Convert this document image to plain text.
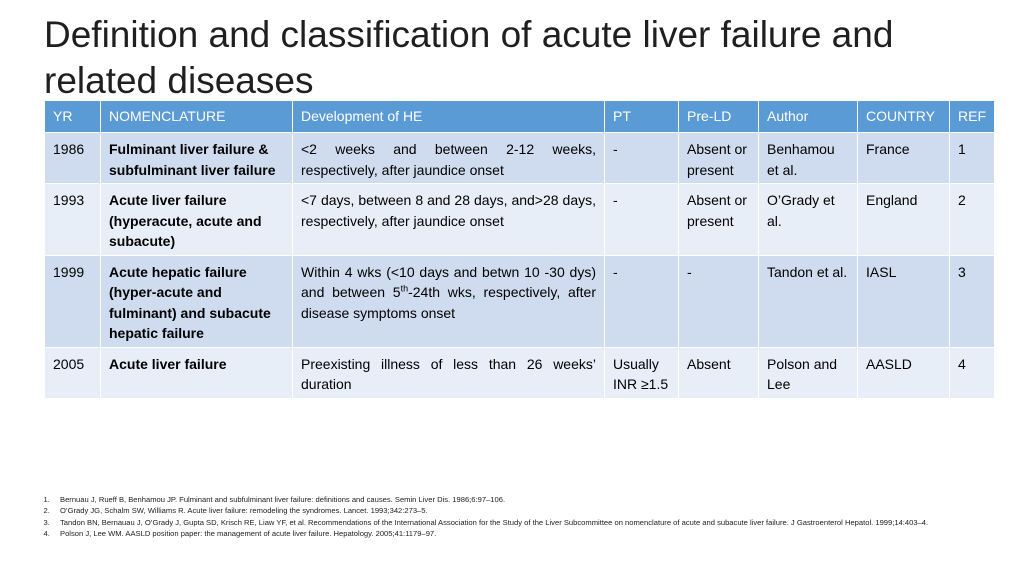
Definition and classification of acute liver failure and related diseases
YR	NOMENCLATURE	Development of HE	PT	Pre-LD	Author	COUNTRY	REF
1986	Fulminant liver failure & subfulminant liver failure	<2 weeks and between 2-12 weeks, respectively, after jaundice onset	-	Absent or present	Benhamou et al.	France	1
1993	Acute liver failure (hyperacute, acute and subacute)	<7 days, between 8 and 28 days, and>28 days, respectively, after jaundice onset	-	Absent or present	O’Grady et al.	England	2
1999	Acute hepatic failure (hyper-acute and fulminant) and subacute hepatic failure	Within 4 wks (<10 days and betwn 10 -30 dys) and between 5th-24th wks, respectively, after disease symptoms onset	-	-	Tandon et al.	IASL	3
2005	Acute liver failure	Preexisting illness of less than 26 weeks’ duration	Usually INR ≥1.5	Absent	Polson and Lee	AASLD	4
1. Bernuau J, Rueff B, Benhamou JP. Fulminant and subfulminant liver failure: definitions and causes. Semin Liver Dis. 1986;6:97–106.
2. O’Grady JG, Schalm SW, Williams R. Acute liver failure: remodeling the syndromes. Lancet. 1993;342:273–5.
3. Tandon BN, Bernauau J, O’Grady J, Gupta SD, Krisch RE, Liaw YF, et al. Recommendations of the International Association for the Study of the Liver Subcommittee on nomenclature of acute and subacute liver failure. J Gastroenterol Hepatol. 1999;14:403–4.
4. Polson J, Lee WM. AASLD position paper: the management of acute liver failure. Hepatology. 2005;41:1179–97.
